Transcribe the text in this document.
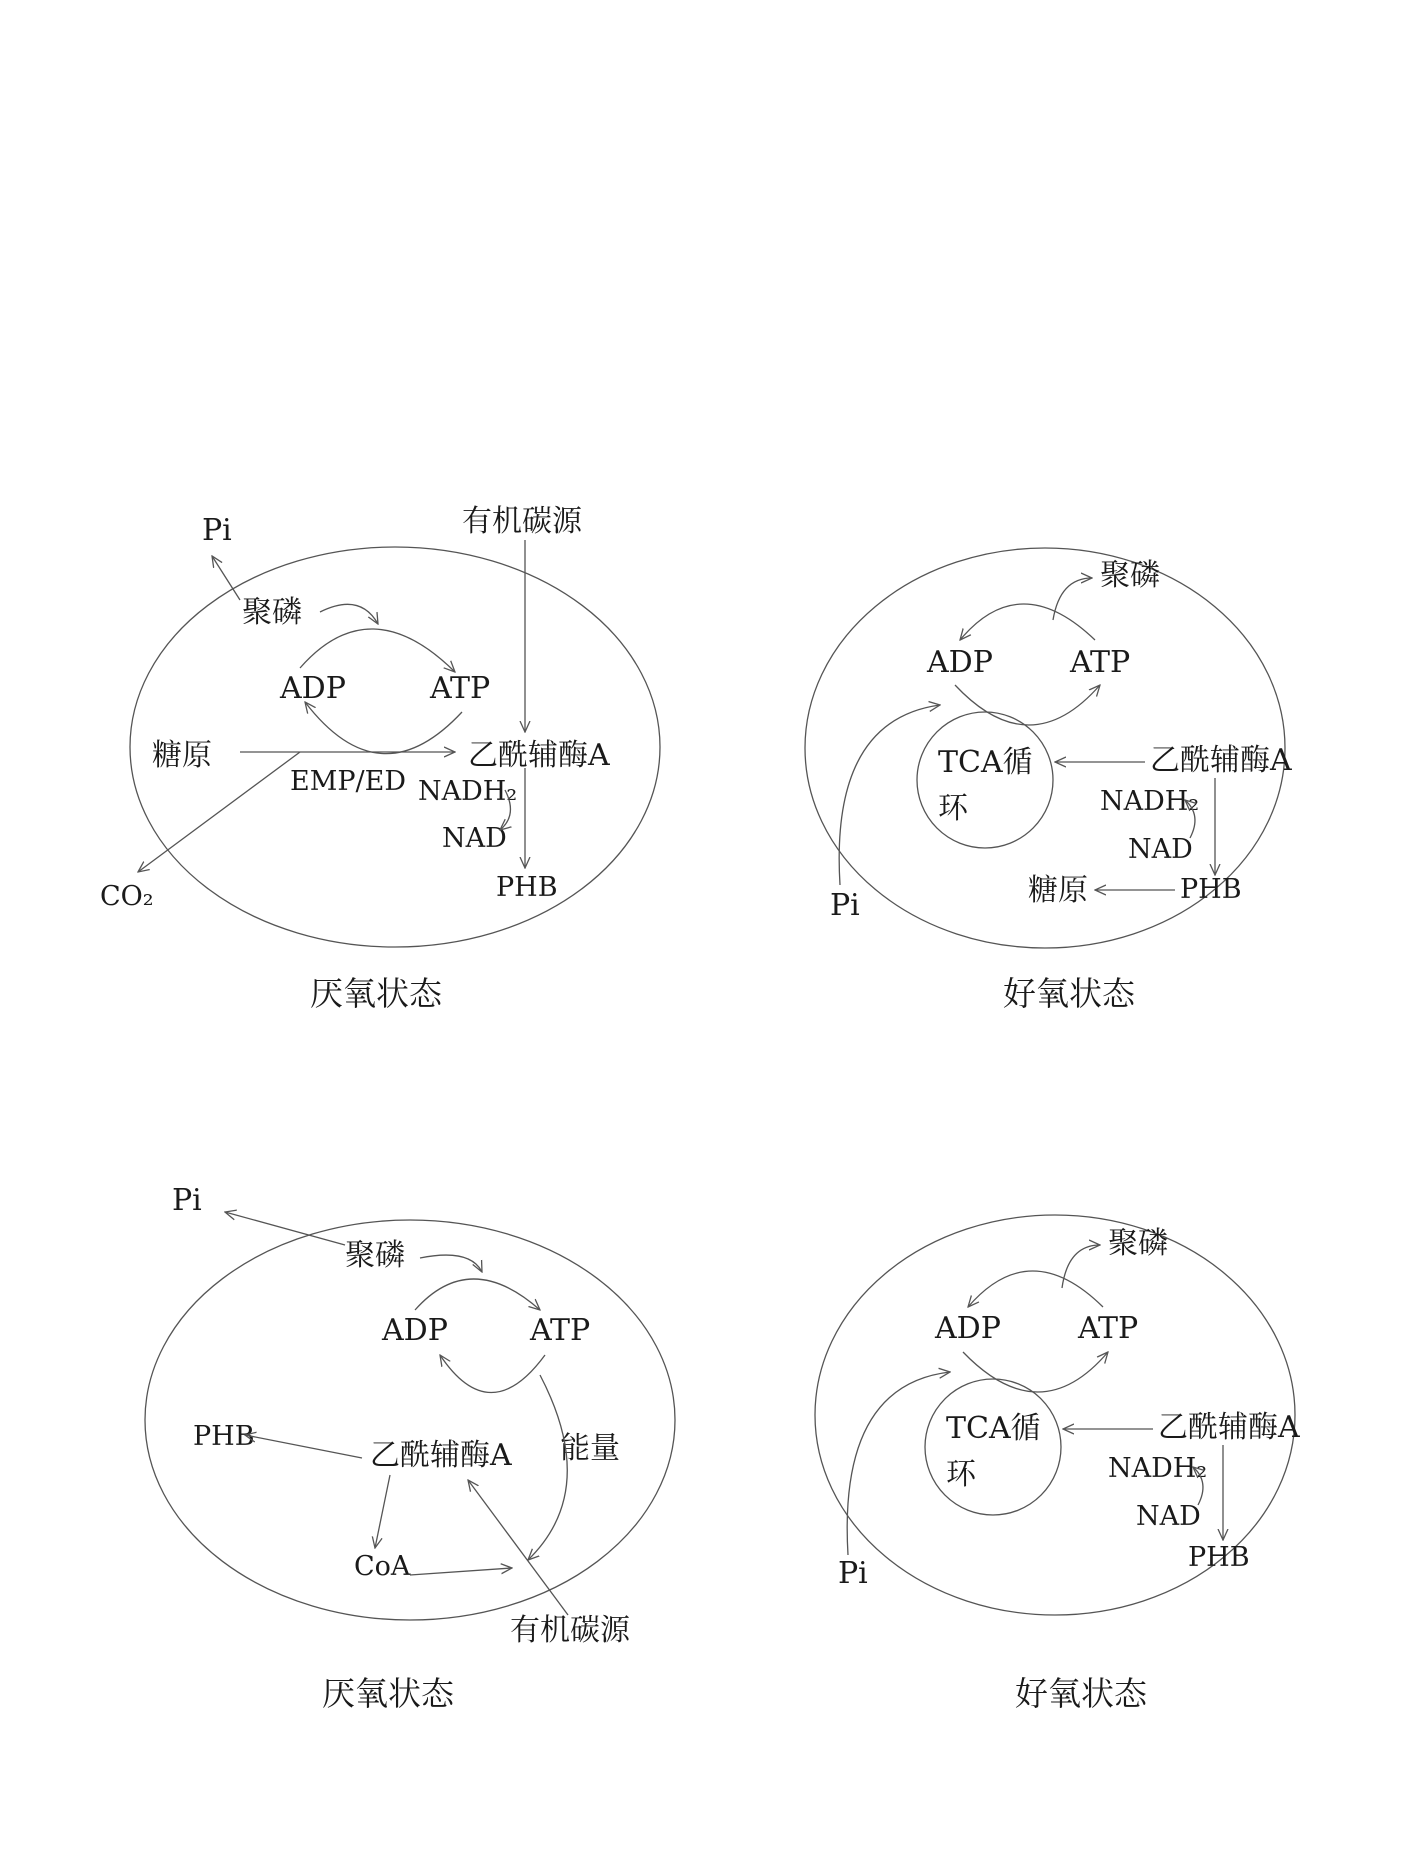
Pi
聚磷
有机碳源
ADP	ATP
糖原	乙酰辅酶A
EMP/ED NADH₂
NAD
PHB
CO₂
厌氧状态
聚磷
ADP	ATP
TCA循
环
乙酰辅酶A
NADH₂
NAD
Pi	糖原	PHB
好氧状态
Pi
聚磷
ADP	ATP
PHB
乙酰辅酶A 能量
CoA
有机碳源
厌氧状态
聚磷
ADP	ATP
TCA循
环
乙酰辅酶A
NADH₂
NAD
Pi	PHB
好氧状态
